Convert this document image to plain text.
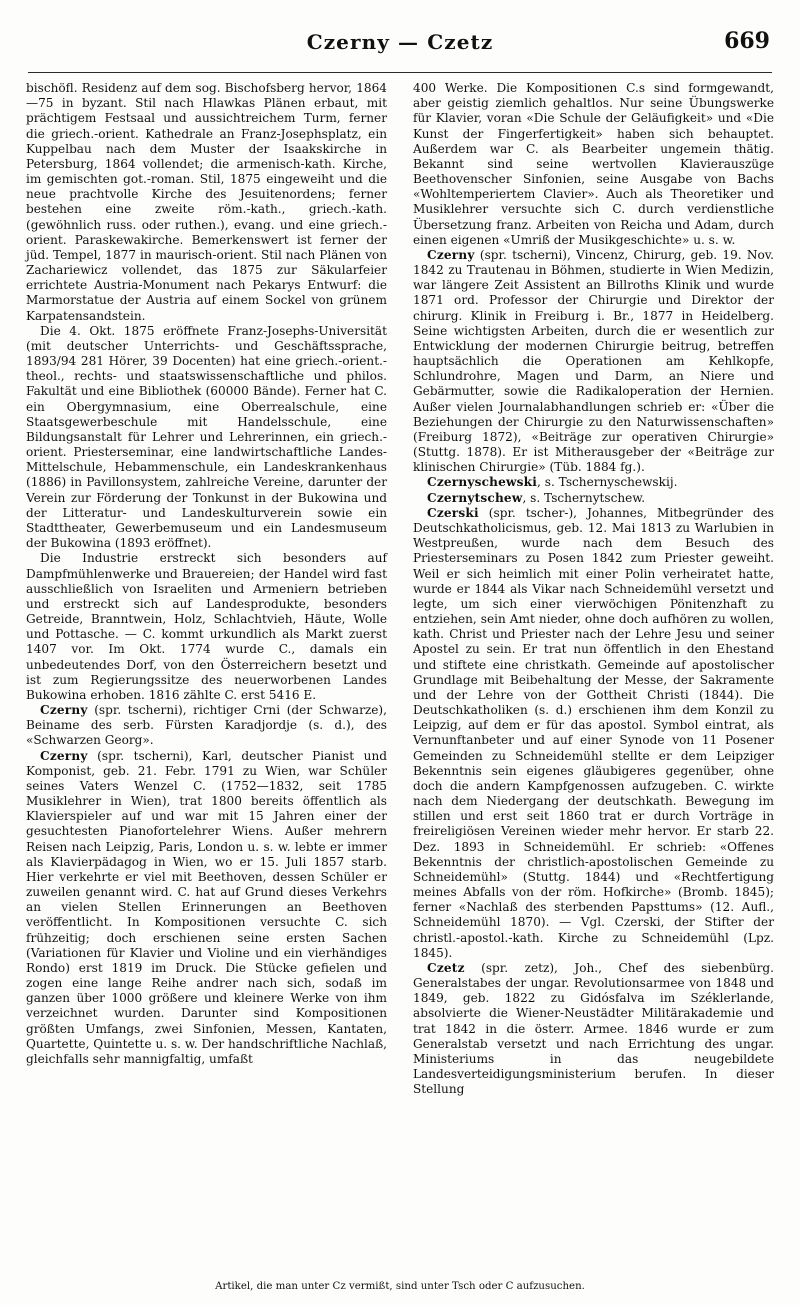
Czerny — Czetz	669

bischöfl. Residenz auf dem sog. Bischofsberg hervor, 1864—75 in byzant. Stil nach Hlawkas Plänen erbaut, mit prächtigem Festsaal und aussichtreichem Turm, ferner die griech.-orient. Kathedrale an Franz-Josephsplatz, ein Kuppelbau nach dem Muster der Isaakskirche in Petersburg, 1864 vollendet; die armenisch-kath. Kirche, im gemischten got.-roman. Stil, 1875 eingeweiht und die neue prachtvolle Kirche des Jesuitenordens; ferner bestehen eine zweite röm.-kath., griech.-kath. (gewöhnlich russ. oder ruthen.), evang. und eine griech.-orient. Paraskewakirche. Bemerkenswert ist ferner der jüd. Tempel, 1877 in maurisch-orient. Stil nach Plänen von Zachariewicz vollendet, das 1875 zur Säkularfeier errichtete Austria-Monument nach Pekarys Entwurf: die Marmorstatue der Austria auf einem Sockel von grünem Karpatensandstein.

Die 4. Okt. 1875 eröffnete Franz-Josephs-Universität (mit deutscher Unterrichts- und Geschäftssprache, 1893/94 281 Hörer, 39 Docenten) hat eine griech.-orient.-theol., rechts- und staatswissenschaftliche und philos. Fakultät und eine Bibliothek (60000 Bände). Ferner hat C. ein Obergymnasium, eine Oberrealschule, eine Staatsgewerbeschule mit Handelsschule, eine Bildungsanstalt für Lehrer und Lehrerinnen, ein griech.-orient. Priesterseminar, eine landwirtschaftliche Landes-Mittelschule, Hebammenschule, ein Landeskrankenhaus (1886) in Pavillonsystem, zahlreiche Vereine, darunter der Verein zur Förderung der Tonkunst in der Bukowina und der Litteratur- und Landeskulturverein sowie ein Stadttheater, Gewerbemuseum und ein Landesmuseum der Bukowina (1893 eröffnet).

Die Industrie erstreckt sich besonders auf Dampfmühlenwerke und Brauereien; der Handel wird fast ausschließlich von Israeliten und Armeniern betrieben und erstreckt sich auf Landesprodukte, besonders Getreide, Branntwein, Holz, Schlachtvieh, Häute, Wolle und Pottasche. — C. kommt urkundlich als Markt zuerst 1407 vor. Im Okt. 1774 wurde C., damals ein unbedeutendes Dorf, von den Österreichern besetzt und ist zum Regierungssitze des neuerworbenen Landes Bukowina erhoben. 1816 zählte C. erst 5416 E.

Czerny (spr. tscherni), richtiger Crni (der Schwarze), Beiname des serb. Fürsten Karadjordje (s. d.), des «Schwarzen Georg».

Czerny (spr. tscherni), Karl, deutscher Pianist und Komponist, geb. 21. Febr. 1791 zu Wien, war Schüler seines Vaters Wenzel C. (1752—1832, seit 1785 Musiklehrer in Wien), trat 1800 bereits öffentlich als Klavierspieler auf und war mit 15 Jahren einer der gesuchtesten Pianofortelehrer Wiens. Außer mehrern Reisen nach Leipzig, Paris, London u. s. w. lebte er immer als Klavierpädagog in Wien, wo er 15. Juli 1857 starb. Hier verkehrte er viel mit Beethoven, dessen Schüler er zuweilen genannt wird. C. hat auf Grund dieses Verkehrs an vielen Stellen Erinnerungen an Beethoven veröffentlicht. In Kompositionen versuchte C. sich frühzeitig; doch erschienen seine ersten Sachen (Variationen für Klavier und Violine und ein vierhändiges Rondo) erst 1819 im Druck. Die Stücke gefielen und zogen eine lange Reihe andrer nach sich, sodaß im ganzen über 1000 größere und kleinere Werke von ihm verzeichnet wurden. Darunter sind Kompositionen größten Umfangs, zwei Sinfonien, Messen, Kantaten, Quartette, Quintette u. s. w. Der handschriftliche Nachlaß, gleichfalls sehr mannigfaltig, umfaßt

400 Werke. Die Kompositionen C.s sind formgewandt, aber geistig ziemlich gehaltlos. Nur seine Übungswerke für Klavier, voran «Die Schule der Geläufigkeit» und «Die Kunst der Fingerfertigkeit» haben sich behauptet. Außerdem war C. als Bearbeiter ungemein thätig. Bekannt sind seine wertvollen Klavierauszüge Beethovenscher Sinfonien, seine Ausgabe von Bachs «Wohltemperiertem Clavier». Auch als Theoretiker und Musiklehrer versuchte sich C. durch verdienstliche Übersetzung franz. Arbeiten von Reicha und Adam, durch einen eigenen «Umriß der Musikgeschichte» u. s. w.

Czerny (spr. tscherni), Vincenz, Chirurg, geb. 19. Nov. 1842 zu Trautenau in Böhmen, studierte in Wien Medizin, war längere Zeit Assistent an Billroths Klinik und wurde 1871 ord. Professor der Chirurgie und Direktor der chirurg. Klinik in Freiburg i. Br., 1877 in Heidelberg. Seine wichtigsten Arbeiten, durch die er wesentlich zur Entwicklung der modernen Chirurgie beitrug, betreffen hauptsächlich die Operationen am Kehlkopfe, Schlundrohre, Magen und Darm, an Niere und Gebärmutter, sowie die Radikaloperation der Hernien. Außer vielen Journalabhandlungen schrieb er: «Über die Beziehungen der Chirurgie zu den Naturwissenschaften» (Freiburg 1872), «Beiträge zur operativen Chirurgie» (Stuttg. 1878). Er ist Mitherausgeber der «Beiträge zur klinischen Chirurgie» (Tüb. 1884 fg.).

Czernyschewski, s. Tschernyschewskij.

Czernytschew, s. Tschernytschew.

Czerski (spr. tscher-), Johannes, Mitbegründer des Deutschkatholicismus, geb. 12. Mai 1813 zu Warlubien in Westpreußen, wurde nach dem Besuch des Priesterseminars zu Posen 1842 zum Priester geweiht. Weil er sich heimlich mit einer Polin verheiratet hatte, wurde er 1844 als Vikar nach Schneidemühl versetzt und legte, um sich einer vierwöchigen Pönitenzhaft zu entziehen, sein Amt nieder, ohne doch aufhören zu wollen, kath. Christ und Priester nach der Lehre Jesu und seiner Apostel zu sein. Er trat nun öffentlich in den Ehestand und stiftete eine christkath. Gemeinde auf apostolischer Grundlage mit Beibehaltung der Messe, der Sakramente und der Lehre von der Gottheit Christi (1844). Die Deutschkatholiken (s. d.) erschienen ihm dem Konzil zu Leipzig, auf dem er für das apostol. Symbol eintrat, als Vernunftanbeter und auf einer Synode von 11 Posener Gemeinden zu Schneidemühl stellte er dem Leipziger Bekenntnis sein eigenes gläubigeres gegenüber, ohne doch die andern Kampfgenossen aufzugeben. C. wirkte nach dem Niedergang der deutschkath. Bewegung im stillen und erst seit 1860 trat er durch Vorträge in freireligiösen Vereinen wieder mehr hervor. Er starb 22. Dez. 1893 in Schneidemühl. Er schrieb: «Offenes Bekenntnis der christlich-apostolischen Gemeinde zu Schneidemühl» (Stuttg. 1844) und «Rechtfertigung meines Abfalls von der röm. Hofkirche» (Bromb. 1845); ferner «Nachlaß des sterbenden Papsttums» (12. Aufl., Schneidemühl 1870). — Vgl. Czerski, der Stifter der christl.-apostol.-kath. Kirche zu Schneidemühl (Lpz. 1845).

Czetz (spr. zetz), Joh., Chef des siebenbürg. Generalstabes der ungar. Revolutionsarmee von 1848 und 1849, geb. 1822 zu Gidósfalva im Széklerlande, absolvierte die Wiener-Neustädter Militärakademie und trat 1842 in die österr. Armee. 1846 wurde er zum Generalstab versetzt und nach Errichtung des ungar. Ministeriums in das neugebildete Landesverteidigungsministerium berufen. In dieser Stellung

Artikel, die man unter Cz vermißt, sind unter Tsch oder C aufzusuchen.
